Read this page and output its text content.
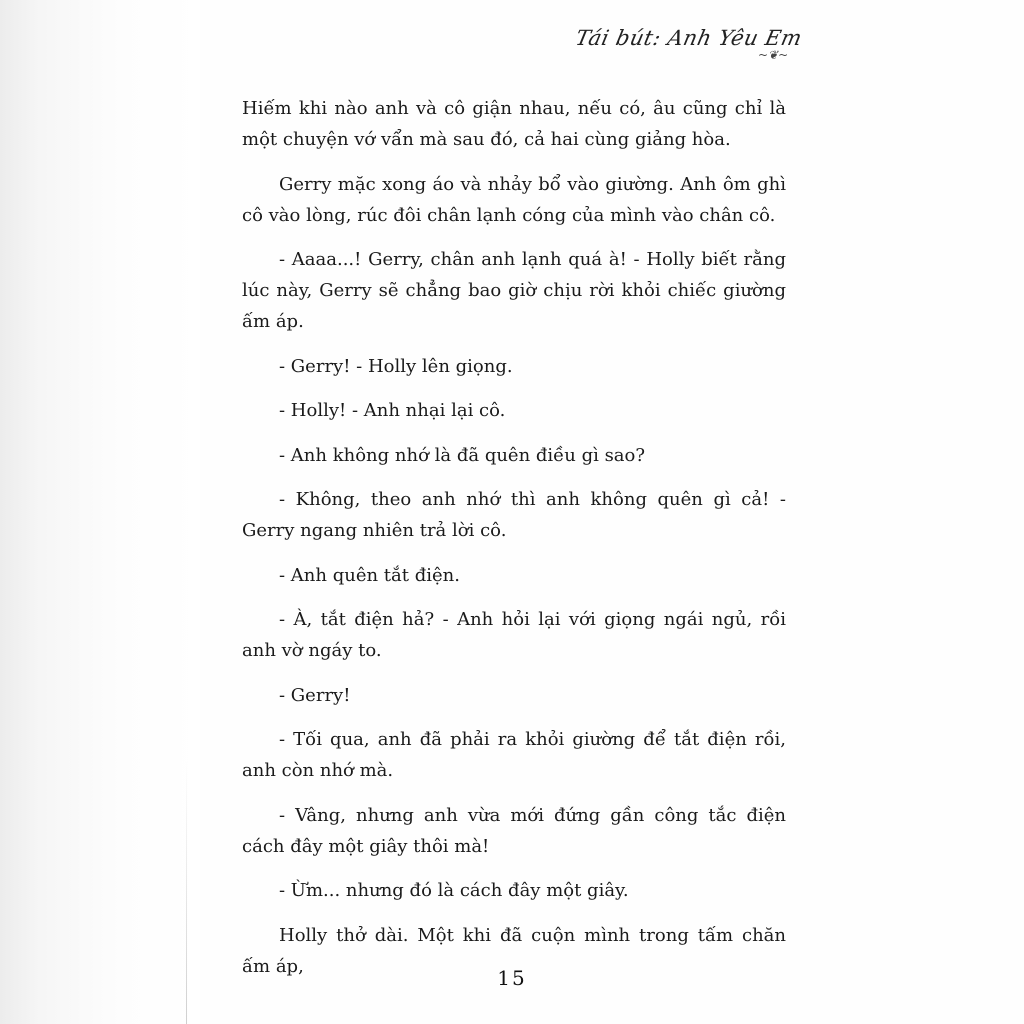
Tái bút: Anh Yêu Em
~❦~

Hiếm khi nào anh và cô giận nhau, nếu có, âu cũng chỉ là một chuyện vớ vẩn mà sau đó, cả hai cùng giảng hòa.

Gerry mặc xong áo và nhảy bổ vào giường. Anh ôm ghì cô vào lòng, rúc đôi chân lạnh cóng của mình vào chân cô.

- Aaaa...! Gerry, chân anh lạnh quá à! - Holly biết rằng lúc này, Gerry sẽ chẳng bao giờ chịu rời khỏi chiếc giường ấm áp.

- Gerry! - Holly lên giọng.

- Holly! - Anh nhại lại cô.

- Anh không nhớ là đã quên điều gì sao?

- Không, theo anh nhớ thì anh không quên gì cả! - Gerry ngang nhiên trả lời cô.

- Anh quên tắt điện.

- À, tắt điện hả? - Anh hỏi lại với giọng ngái ngủ, rồi anh vờ ngáy to.

- Gerry!

- Tối qua, anh đã phải ra khỏi giường để tắt điện rồi, anh còn nhớ mà.

- Vâng, nhưng anh vừa mới đứng gần công tắc điện cách đây một giây thôi mà!

- Ừm... nhưng đó là cách đây một giây.

Holly thở dài. Một khi đã cuộn mình trong tấm chăn ấm áp,	15
